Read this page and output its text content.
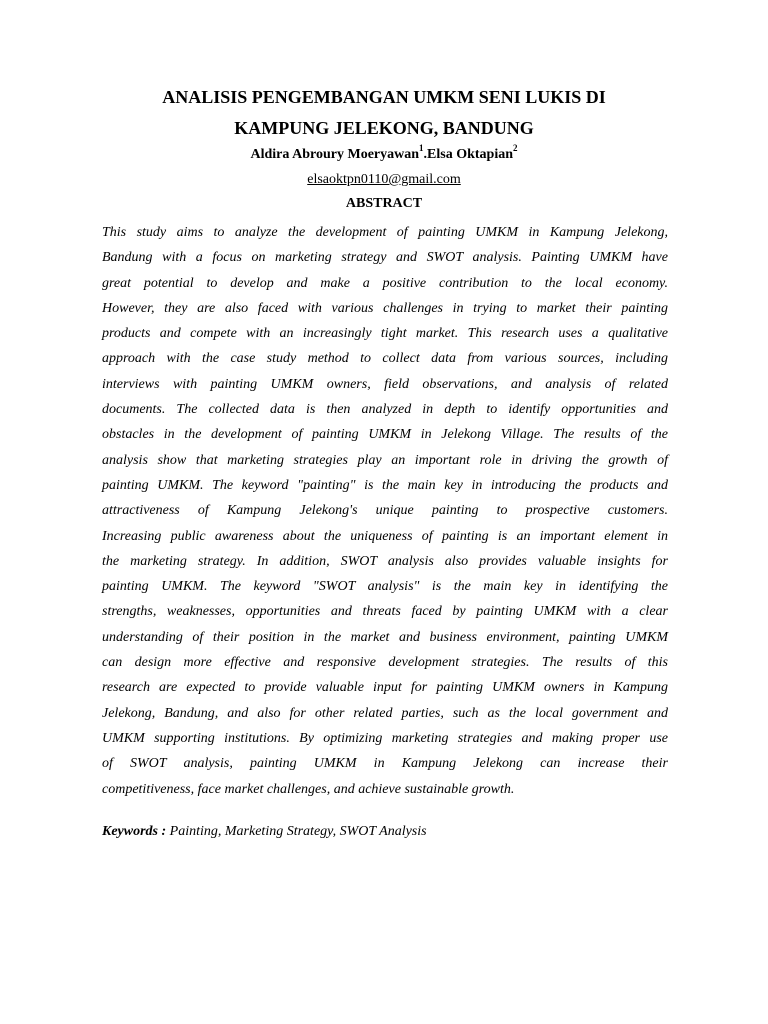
ANALISIS PENGEMBANGAN UMKM SENI LUKIS DI
KAMPUNG JELEKONG, BANDUNG
Aldira Abroury Moeryawan$^1$.Elsa Oktapian$^2$
elsaoktpn0110@gmail.com
ABSTRACT
This study aims to analyze the development of painting UMKM in Kampung Jelekong,
Bandung with a focus on marketing strategy and SWOT analysis. Painting UMKM have
great potential to develop and make a positive contribution to the local economy.
However, they are also faced with various challenges in trying to market their painting
products and compete with an increasingly tight market. This research uses a qualitative
approach with the case study method to collect data from various sources, including
interviews with painting UMKM owners, field observations, and analysis of related
documents. The collected data is then analyzed in depth to identify opportunities and
obstacles in the development of painting UMKM in Jelekong Village. The results of the
analysis show that marketing strategies play an important role in driving the growth of
painting UMKM. The keyword "painting" is the main key in introducing the products and
attractiveness of Kampung Jelekong's unique painting to prospective customers.
Increasing public awareness about the uniqueness of painting is an important element in
the marketing strategy. In addition, SWOT analysis also provides valuable insights for
painting UMKM. The keyword "SWOT analysis" is the main key in identifying the
strengths, weaknesses, opportunities and threats faced by painting UMKM with a clear
understanding of their position in the market and business environment, painting UMKM
can design more effective and responsive development strategies. The results of this
research are expected to provide valuable input for painting UMKM owners in Kampung
Jelekong, Bandung, and also for other related parties, such as the local government and
UMKM supporting institutions. By optimizing marketing strategies and making proper use
of SWOT analysis, painting UMKM in Kampung Jelekong can increase their
competitiveness, face market challenges, and achieve sustainable growth.
Keywords : Painting, Marketing Strategy, SWOT Analysis
